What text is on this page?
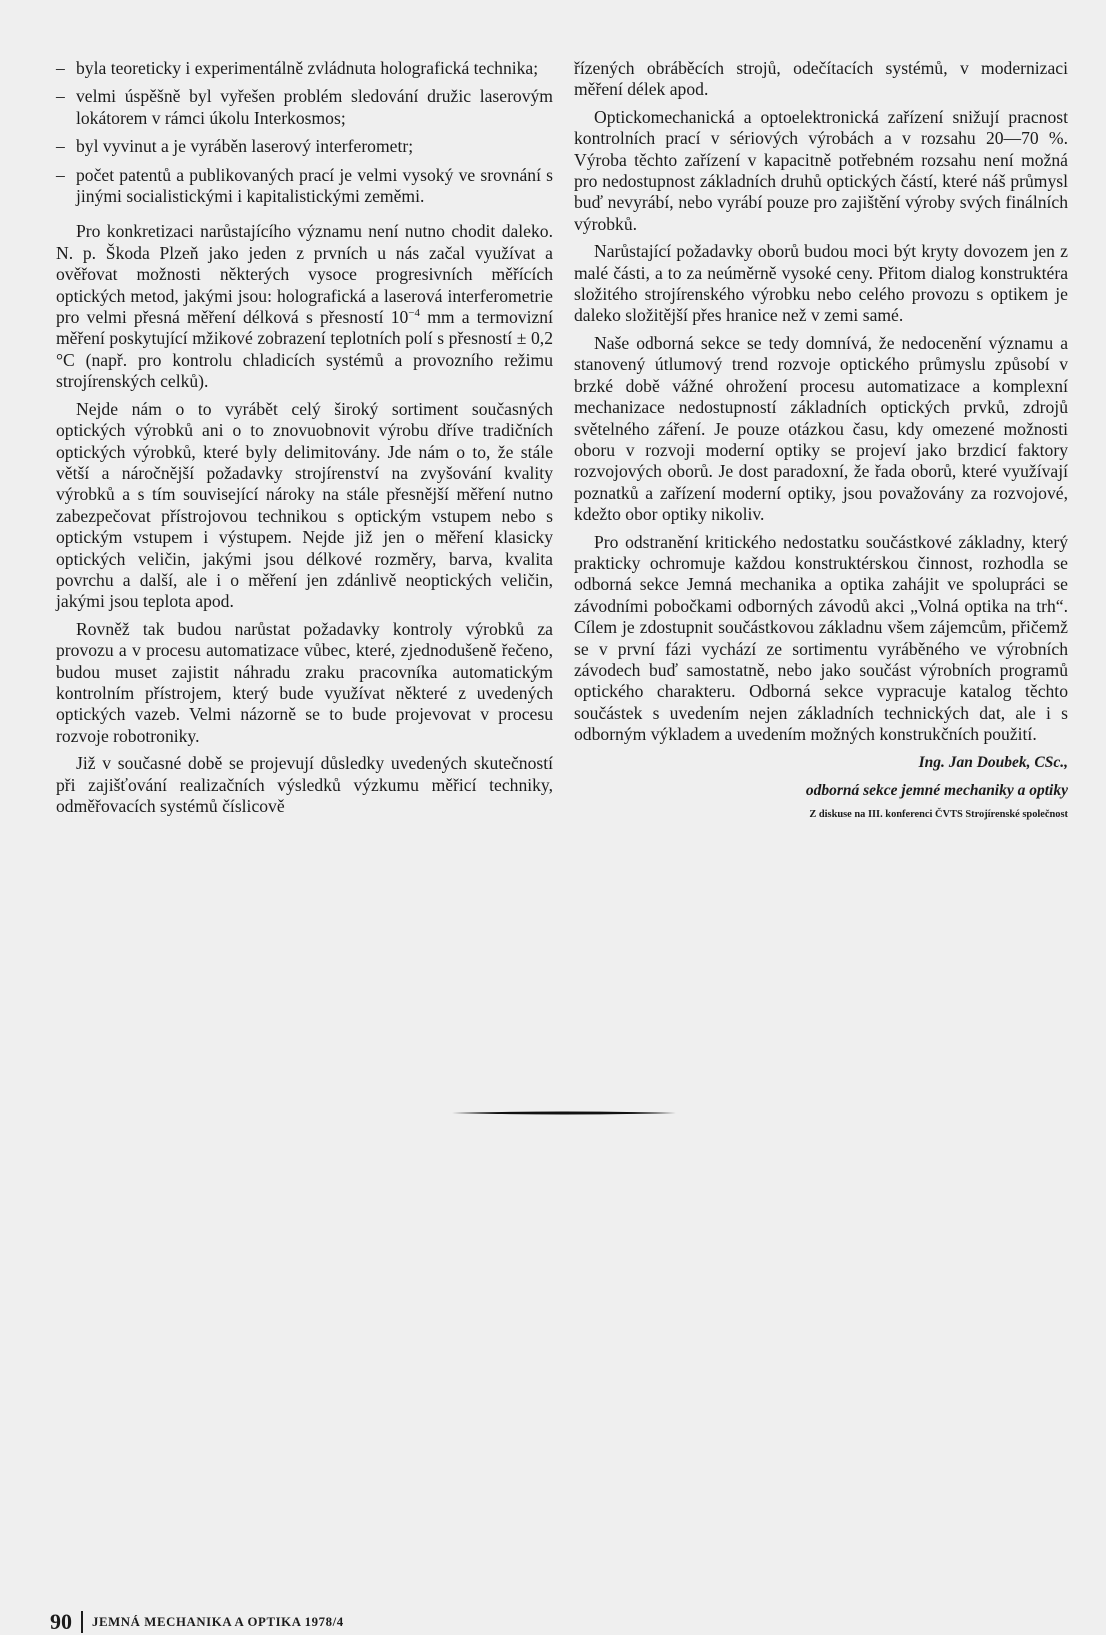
– byla teoreticky i experimentálně zvládnuta holografická technika;
– velmi úspěšně byl vyřešen problém sledování družic laserovým lokátorem v rámci úkolu Interkosmos;
– byl vyvinut a je vyráběn laserový interferometr;
– počet patentů a publikovaných prací je velmi vysoký ve srovnání s jinými socialistickými i kapitalistickými zeměmi.

Pro konkretizaci narůstajícího významu není nutno chodit daleko. N. p. Škoda Plzeň jako jeden z prvních u nás začal využívat a ověřovat možnosti některých vysoce progresivních měřících optických metod, jakými jsou: holografická a laserová interferometrie pro velmi přesná měření délková s přesností $10^{-4}$ mm a termovizní měření poskytující mžikové zobrazení teplotních polí s přesností ± 0,2 °C (např. pro kontrolu chladicích systémů a provozního režimu strojírenských celků).

Nejde nám o to vyrábět celý široký sortiment současných optických výrobků ani o to znovuobnovit výrobu dříve tradičních optických výrobků, které byly delimitovány. Jde nám o to, že stále větší a náročnější požadavky strojírenství na zvyšování kvality výrobků a s tím související nároky na stále přesnější měření nutno zabezpečovat přístrojovou technikou s optickým vstupem nebo s optickým vstupem i výstupem. Nejde již jen o měření klasicky optických veličin, jakými jsou délkové rozměry, barva, kvalita povrchu a další, ale i o měření jen zdánlivě neoptických veličin, jakými jsou teplota apod.

Rovněž tak budou narůstat požadavky kontroly výrobků za provozu a v procesu automatizace vůbec, které, zjednodušeně řečeno, budou muset zajistit náhradu zraku pracovníka automatickým kontrolním přístrojem, který bude využívat některé z uvedených optických vazeb. Velmi názorně se to bude projevovat v procesu rozvoje robotroniky.

Již v současné době se projevují důsledky uvedených skutečností při zajišťování realizačních výsledků výzkumu měřicí techniky, odměřovacích systémů číslicově

řízených obráběcích strojů, odečítacích systémů, v modernizaci měření délek apod.

Optickomechanická a optoelektronická zařízení snižují pracnost kontrolních prací v sériových výrobách a v rozsahu 20—70 %. Výroba těchto zařízení v kapacitně potřebném rozsahu není možná pro nedostupnost základních druhů optických částí, které náš průmysl buď nevyrábí, nebo vyrábí pouze pro zajištění výroby svých finálních výrobků.

Narůstající požadavky oborů budou moci být kryty dovozem jen z malé části, a to za neúměrně vysoké ceny. Přitom dialog konstruktéra složitého strojírenského výrobku nebo celého provozu s optikem je daleko složitější přes hranice než v zemi samé.

Naše odborná sekce se tedy domnívá, že nedocenění významu a stanovený útlumový trend rozvoje optického průmyslu způsobí v brzké době vážné ohrožení procesu automatizace a komplexní mechanizace nedostupností základních optických prvků, zdrojů světelného záření. Je pouze otázkou času, kdy omezené možnosti oboru v rozvoji moderní optiky se projeví jako brzdicí faktory rozvojových oborů. Je dost paradoxní, že řada oborů, které využívají poznatků a zařízení moderní optiky, jsou považovány za rozvojové, kdežto obor optiky nikoliv.

Pro odstranění kritického nedostatku součástkové základny, který prakticky ochromuje každou konstruktérskou činnost, rozhodla se odborná sekce Jemná mechanika a optika zahájit ve spolupráci se závodními pobočkami odborných závodů akci „Volná optika na trh“. Cílem je zdostupnit součástkovou základnu všem zájemcům, přičemž se v první fázi vychází ze sortimentu vyráběného ve výrobních závodech buď samostatně, nebo jako součást výrobních programů optického charakteru. Odborná sekce vypracuje katalog těchto součástek s uvedením nejen základních technických dat, ale i s odborným výkladem a uvedením možných konstrukčních použití.

Ing. Jan Doubek, CSc.,

odborná sekce jemné mechaniky a optiky

Z diskuse na III. konferenci ČVTS Strojírenské společnost
90 JEMNÁ MECHANIKA A OPTIKA 1978/4
